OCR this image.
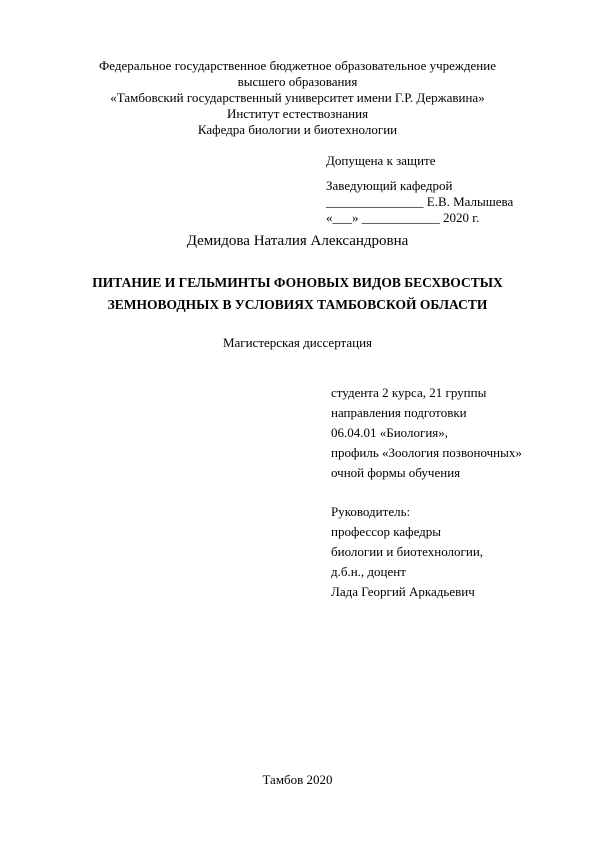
Федеральное государственное бюджетное образовательное учреждение
высшего образования
«Тамбовский государственный университет имени Г.Р. Державина»
Институт естествознания
Кафедра биологии и биотехнологии
Допущена к защите
Заведующий кафедрой
_______________ Е.В. Малышева
«___» ____________ 2020 г.
Демидова Наталия Александровна
ПИТАНИЕ И ГЕЛЬМИНТЫ ФОНОВЫХ ВИДОВ БЕСХВОСТЫХ
ЗЕМНОВОДНЫХ В УСЛОВИЯХ ТАМБОВСКОЙ ОБЛАСТИ
Магистерская диссертация
студента 2 курса, 21 группы
направления подготовки
06.04.01 «Биология»,
профиль «Зоология позвоночных»
очной формы обучения
Руководитель:
профессор кафедры
биологии и биотехнологии,
д.б.н., доцент
Лада Георгий Аркадьевич
Тамбов 2020
